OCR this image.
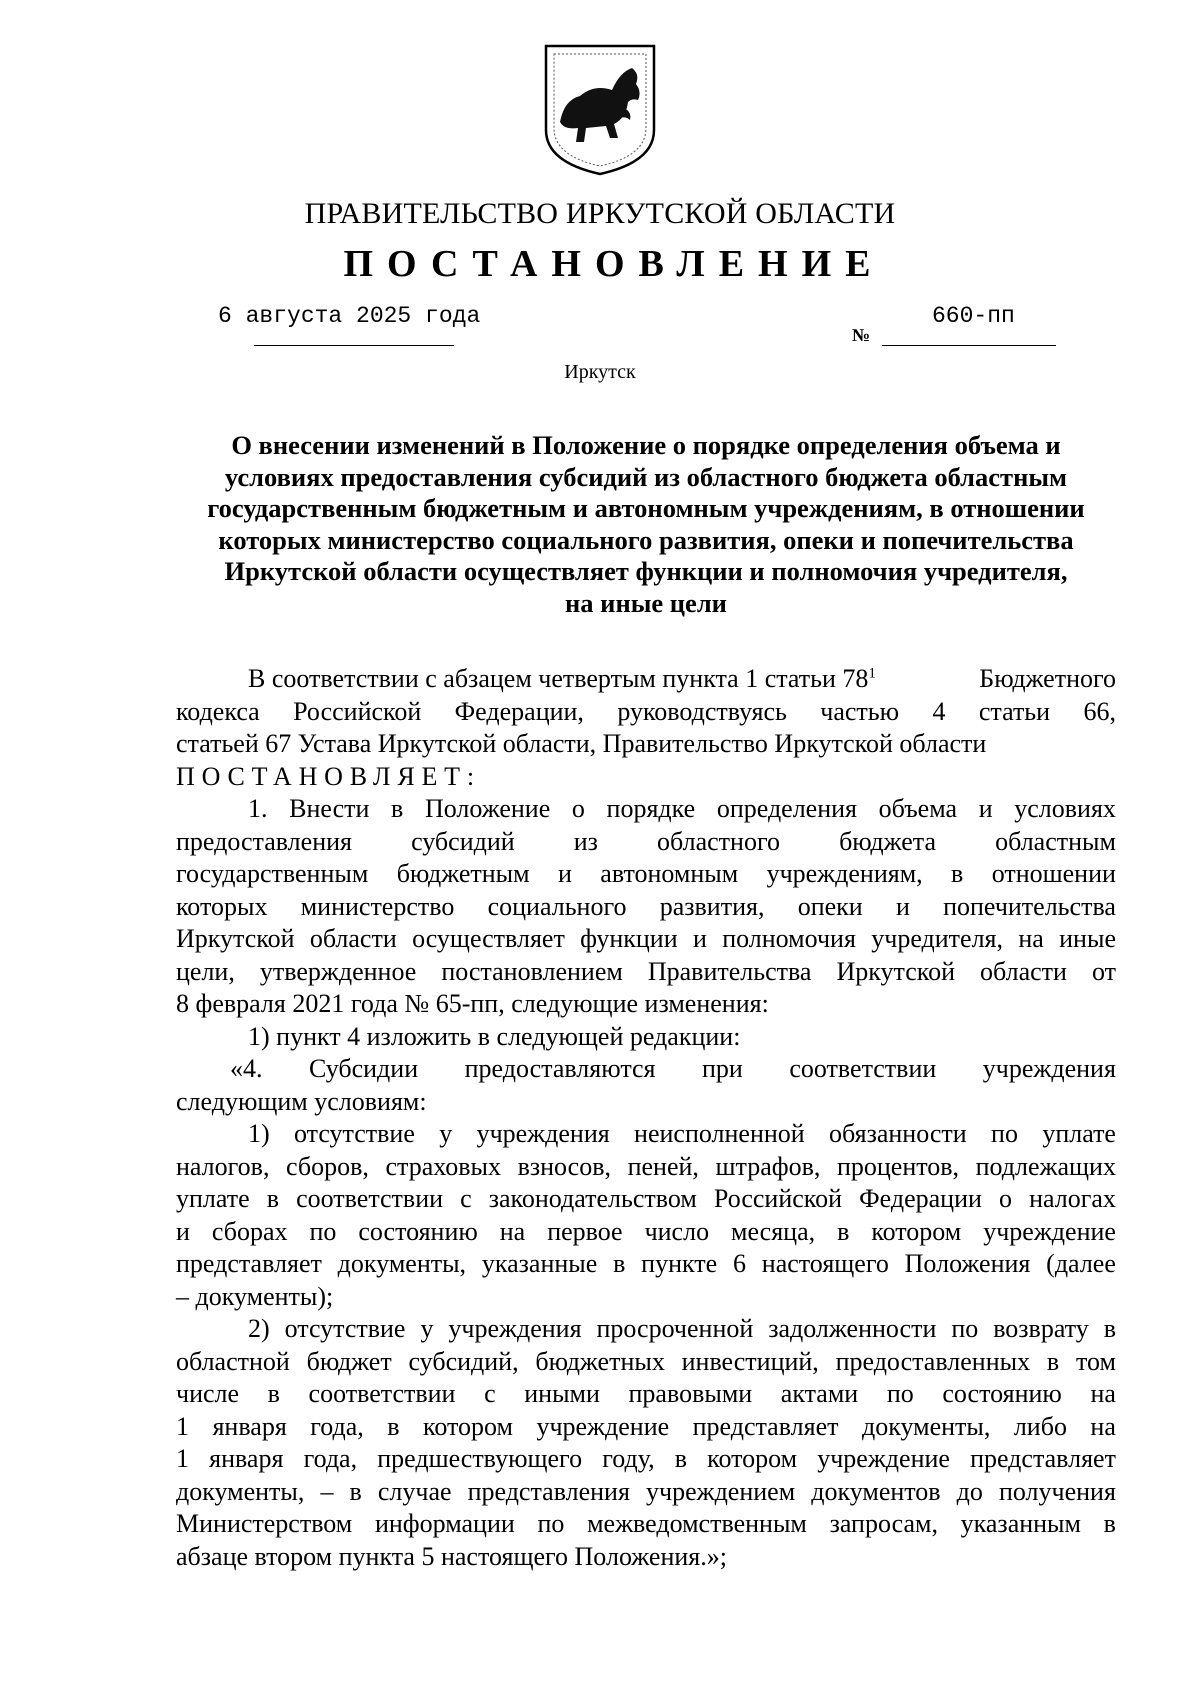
ПРАВИТЕЛЬСТВО ИРКУТСКОЙ ОБЛАСТИ
ПОСТАНОВЛЕНИЕ
6 августа 2025 года
№
660-пп
Иркутск
О внесении изменений в Положение о порядке определения объема и
условиях предоставления субсидий из областного бюджета областным
государственным бюджетным и автономным учреждениям, в отношении
которых министерство социального развития, опеки и попечительства
Иркутской области осуществляет функции и полномочия учредителя,
на иные цели
В соответствии с абзацем четвертым пункта 1 статьи $78^1$	Бюджетного
кодекса Российской Федерации, руководствуясь частью 4 статьи 66,
статьей 67 Устава Иркутской области, Правительство Иркутской области
ПОСТАНОВЛЯЕТ:
1. Внести в Положение о порядке определения объема и условиях
предоставления субсидий из областного бюджета областным
государственным бюджетным и автономным учреждениям, в отношении
которых министерство социального развития, опеки и попечительства
Иркутской области осуществляет функции и полномочия учредителя, на иные
цели, утвержденное постановлением Правительства Иркутской области от
8 февраля 2021 года № 65-пп, следующие изменения:
1) пункт 4 изложить в следующей редакции:
«4. Субсидии предоставляются при соответствии учреждения
следующим условиям:
1) отсутствие у учреждения неисполненной обязанности по уплате
налогов, сборов, страховых взносов, пеней, штрафов, процентов, подлежащих
уплате в соответствии с законодательством Российской Федерации о налогах
и сборах по состоянию на первое число месяца, в котором учреждение
представляет документы, указанные в пункте 6 настоящего Положения (далее
– документы);
2) отсутствие у учреждения просроченной задолженности по возврату в
областной бюджет субсидий, бюджетных инвестиций, предоставленных в том
числе в соответствии с иными правовыми актами по состоянию на
1 января года, в котором учреждение представляет документы, либо на
1 января года, предшествующего году, в котором учреждение представляет
документы, – в случае представления учреждением документов до получения
Министерством информации по межведомственным запросам, указанным в
абзаце втором пункта 5 настоящего Положения.»;
